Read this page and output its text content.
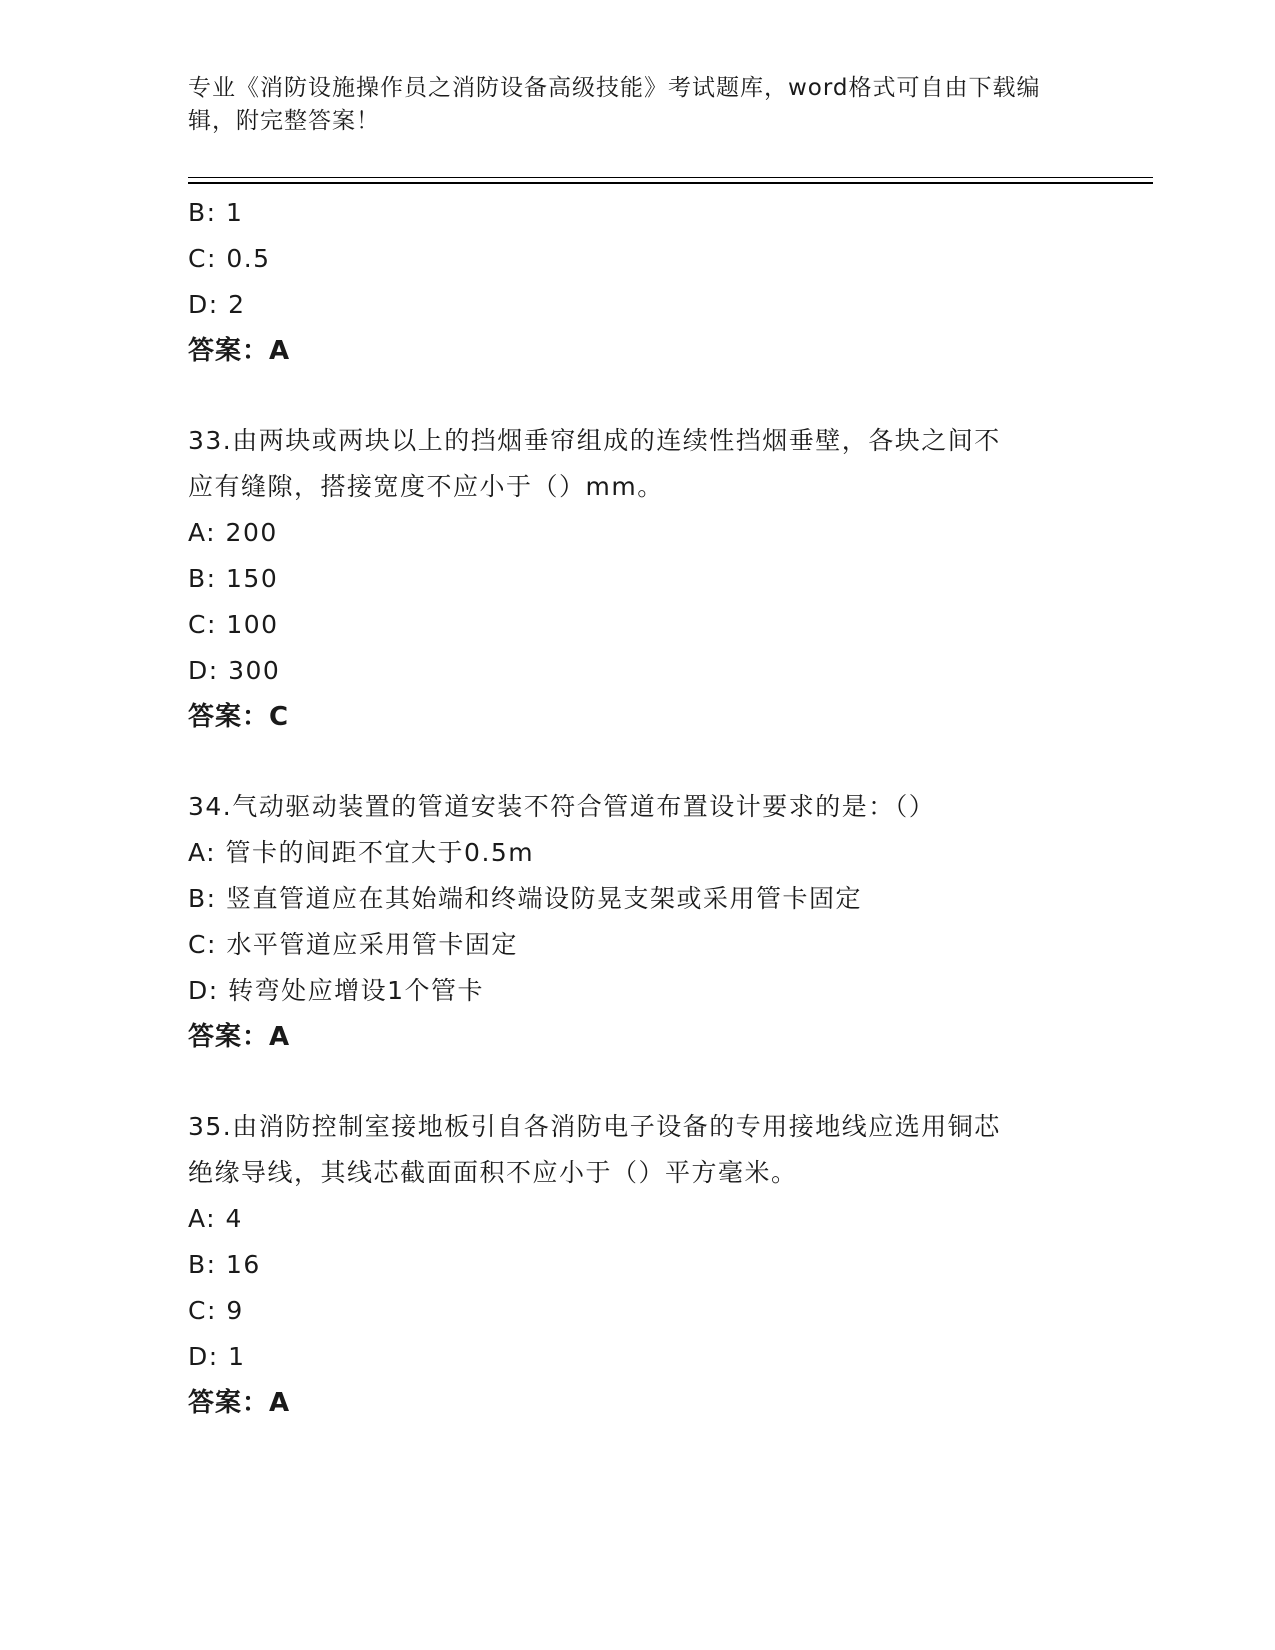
专业《消防设施操作员之消防设备高级技能》考试题库，word格式可自由下载编
辑，附完整答案！
B: 1
C: 0.5
D: 2
答案：A
33.由两块或两块以上的挡烟垂帘组成的连续性挡烟垂壁，各块之间不
应有缝隙，搭接宽度不应小于（）mm。
A: 200
B: 150
C: 100
D: 300
答案：C
34.气动驱动装置的管道安装不符合管道布置设计要求的是：（）
A: 管卡的间距不宜大于0.5m
B: 竖直管道应在其始端和终端设防晃支架或采用管卡固定
C: 水平管道应采用管卡固定
D: 转弯处应增设1个管卡
答案：A
35.由消防控制室接地板引自各消防电子设备的专用接地线应选用铜芯
绝缘导线，其线芯截面面积不应小于（）平方毫米。
A: 4
B: 16
C: 9
D: 1
答案：A
